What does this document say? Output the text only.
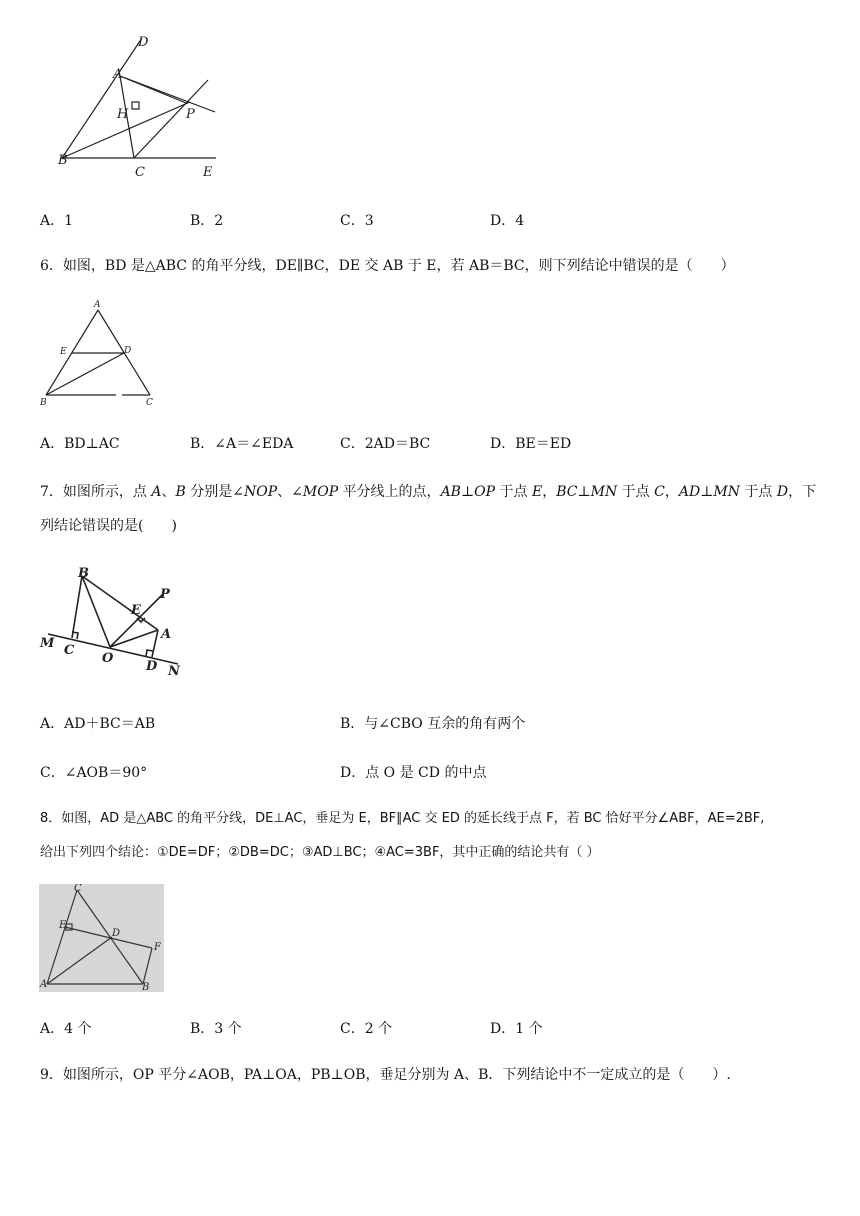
D
A
H	P
B
C	E
A．1	B．2	C．3	D．4
6．如图，BD 是△ABC 的角平分线，DE∥BC，DE 交 AB 于 E，若 AB＝BC，则下列结论中错误的是（　　）
A
E	D
B	C
A．BD⊥AC	B．∠A＝∠EDA	C．2AD＝BC	D．BE＝ED
7．如图所示，点 A、B 分别是∠NOP、∠MOP 平分线上的点，AB⊥OP 于点 E，BC⊥MN 于点 C，AD⊥MN 于点 D，下
列结论错误的是(　　)
B
P
E
A
M C
O
D N
A．AD＋BC＝AB	B．与∠CBO 互余的角有两个
C．∠AOB＝90°	D．点 O 是 CD 的中点
8．如图，AD 是△ABC 的角平分线，DE⊥AC，垂足为 E，BF∥AC 交 ED 的延长线于点 F，若 BC 恰好平分∠ABF，AE=2BF,
给出下列四个结论：①DE=DF；②DB=DC；③AD⊥BC；④AC=3BF，其中正确的结论共有（ ）
C
E
D
F
A	B
A．4 个	B．3 个	C．2 个	D．1 个
9．如图所示，OP 平分∠AOB，PA⊥OA，PB⊥OB，垂足分别为 A、B．下列结论中不一定成立的是（　　）.
